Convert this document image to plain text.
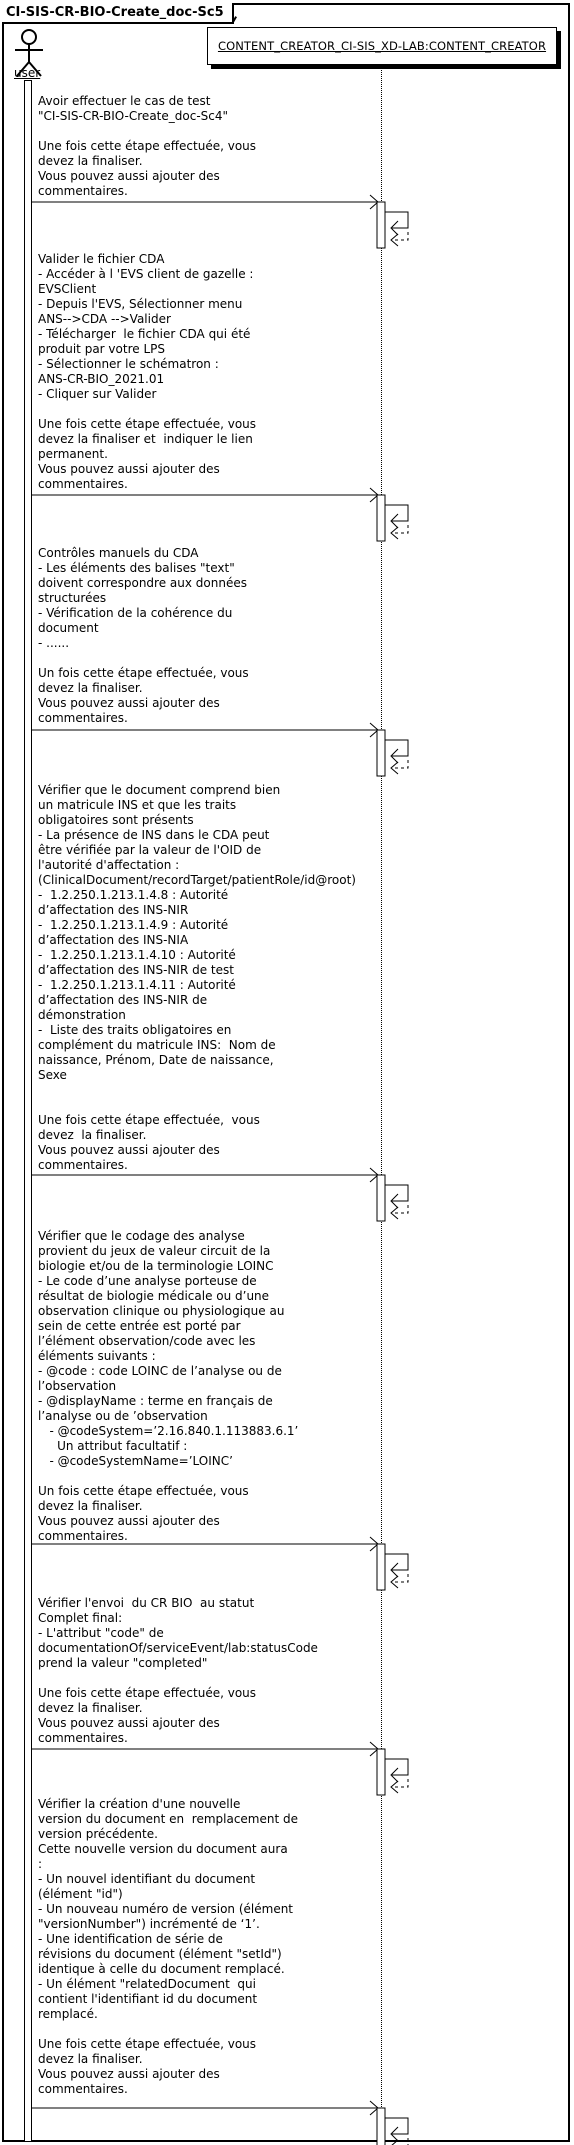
CI-SIS-CR-BIO-Create_doc-Sc5
user
CONTENT_CREATOR_CI-SIS_XD-LAB:CONTENT_CREATOR
Avoir effectuer le cas de test
"CI-SIS-CR-BIO-Create_doc-Sc4"

Une fois cette étape effectuée, vous
devez la finaliser.
Vous pouvez aussi ajouter des
commentaires.
Valider le fichier CDA
- Accéder à l 'EVS client de gazelle :
EVSClient
- Depuis l'EVS, Sélectionner menu
ANS-->CDA -->Valider
- Télécharger  le fichier CDA qui été
produit par votre LPS
- Sélectionner le schématron :
ANS-CR-BIO_2021.01
- Cliquer sur Valider

Une fois cette étape effectuée, vous
devez la finaliser et  indiquer le lien
permanent.
Vous pouvez aussi ajouter des
commentaires.
Contrôles manuels du CDA
- Les éléments des balises "text"
doivent correspondre aux données
structurées
- Vérification de la cohérence du
document
- ......

Un fois cette étape effectuée, vous
devez la finaliser.
Vous pouvez aussi ajouter des
commentaires.
Vérifier que le document comprend bien
un matricule INS et que les traits
obligatoires sont présents
- La présence de INS dans le CDA peut
être vérifiée par la valeur de l'OID de
l'autorité d'affectation :
(ClinicalDocument/recordTarget/patientRole/id@root)
-  1.2.250.1.213.1.4.8 : Autorité
d’affectation des INS-NIR
-  1.2.250.1.213.1.4.9 : Autorité
d’affectation des INS-NIA
-  1.2.250.1.213.1.4.10 : Autorité
d’affectation des INS-NIR de test
-  1.2.250.1.213.1.4.11 : Autorité
d’affectation des INS-NIR de
démonstration
-  Liste des traits obligatoires en
complément du matricule INS:  Nom de
naissance, Prénom, Date de naissance,
Sexe

Une fois cette étape effectuée,  vous
devez  la finaliser.
Vous pouvez aussi ajouter des
commentaires.
Vérifier que le codage des analyse
provient du jeux de valeur circuit de la
biologie et/ou de la terminologie LOINC
- Le code d’une analyse porteuse de
résultat de biologie médicale ou d’une
observation clinique ou physiologique au
sein de cette entrée est porté par
l’élément observation/code avec les
éléments suivants :
- @code : code LOINC de l’analyse ou de
l’observation
- @displayName : terme en français de
l’analyse ou de ’observation
- @codeSystem=’2.16.840.1.113883.6.1’
Un attribut facultatif :
- @codeSystemName=’LOINC’

Un fois cette étape effectuée, vous
devez la finaliser.
Vous pouvez aussi ajouter des
commentaires.
Vérifier l'envoi  du CR BIO  au statut
Complet final:
- L'attribut "code" de
documentationOf/serviceEvent/lab:statusCode
prend la valeur "completed"

Une fois cette étape effectuée, vous
devez la finaliser.
Vous pouvez aussi ajouter des
commentaires.
Vérifier la création d'une nouvelle
version du document en  remplacement de
version précédente.
Cette nouvelle version du document aura
:
- Un nouvel identifiant du document
(élément "id")
- Un nouveau numéro de version (élément
"versionNumber") incrémenté de ‘1’.
- Une identification de série de
révisions du document (élément "setId")
identique à celle du document remplacé.
- Un élément "relatedDocument  qui
contient l'identifiant id du document
remplacé.

Une fois cette étape effectuée, vous
devez la finaliser.
Vous pouvez aussi ajouter des
commentaires.
